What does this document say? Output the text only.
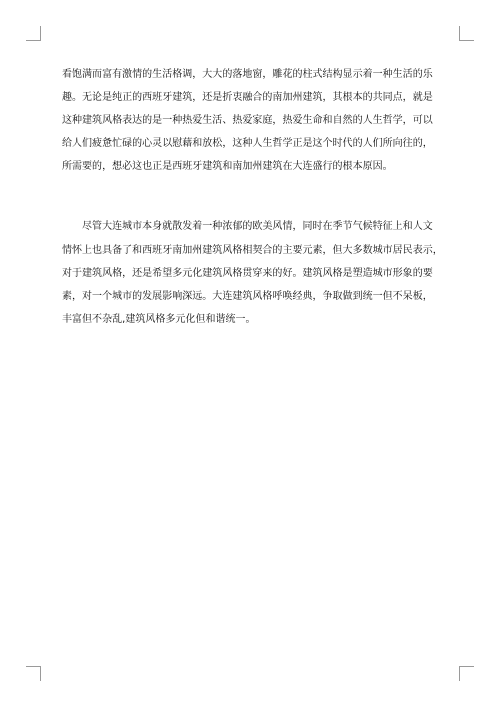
看饱满而富有激情的生活格调，大大的落地窗，雕花的柱式结构显示着一种生活的乐
趣。无论是纯正的西班牙建筑，还是折衷融合的南加州建筑，其根本的共同点，就是
这种建筑风格表达的是一种热爱生活、热爱家庭，热爱生命和自然的人生哲学，可以
给人们疲惫忙碌的心灵以慰藉和放松，这种人生哲学正是这个时代的人们所向往的，
所需要的，想必这也正是西班牙建筑和南加州建筑在大连盛行的根本原因。
　　尽管大连城市本身就散发着一种浓郁的欧美风情，同时在季节气候特征上和人文
情怀上也具备了和西班牙南加州建筑风格相契合的主要元素，但大多数城市居民表示，
对于建筑风格，还是希望多元化建筑风格贯穿来的好。建筑风格是塑造城市形象的要
素，对一个城市的发展影响深远。大连建筑风格呼唤经典，争取做到统一但不呆板，
丰富但不杂乱,建筑风格多元化但和谐统一。
